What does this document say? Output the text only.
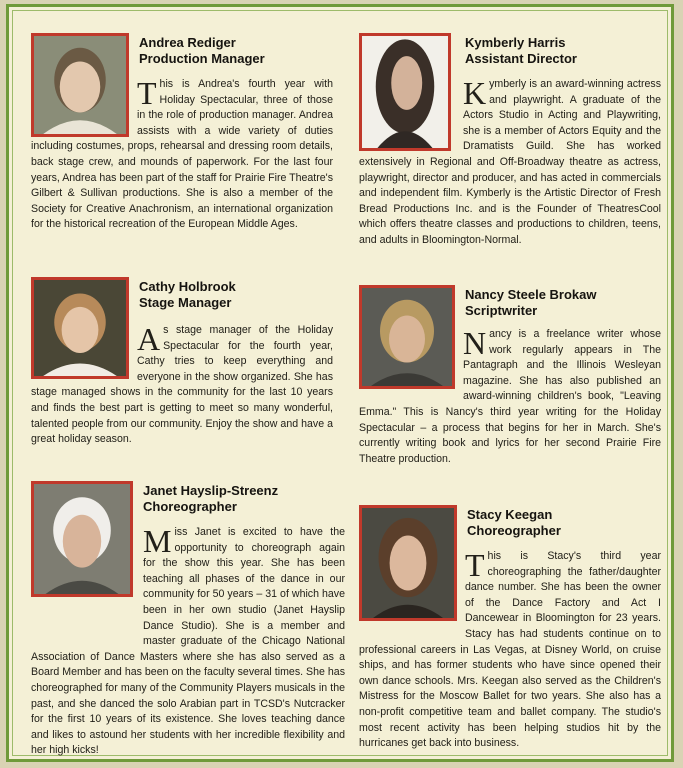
Andrea Rediger
Production Manager
T his is Andrea's fourth year with Holiday Spectacular, three of those in the role of production manager. Andrea assists with a wide variety of duties including costumes, props, rehearsal and dressing room details, back stage crew, and mounds of paperwork. For the last four years, Andrea has been part of the staff for Prairie Fire Theatre's Gilbert & Sullivan productions. She is also a member of the Society for Creative Anachronism, an international organization for the historical recreation of the European Middle Ages.
Kymberly Harris
Assistant Director
K ymberly is an award-winning actress and playwright. A graduate of the Actors Studio in Acting and Playwriting, she is a member of Actors Equity and the Dramatists Guild. She has worked extensively in Regional and Off-Broadway theatre as actress, playwright, director and producer, and has acted in commercials and independent film. Kymberly is the Artistic Director of Fresh Bread Productions Inc. and is the Founder of TheatresCool which offers theatre classes and productions to children, teens, and adults in Bloomington-Normal.
Cathy Holbrook
Stage Manager
A s stage manager of the Holiday Spectacular for the fourth year, Cathy tries to keep everything and everyone in the show organized. She has stage managed shows in the community for the last 10 years and finds the best part is getting to meet so many wonderful, talented people from our community. Enjoy the show and have a great holiday season.
Nancy Steele Brokaw
Scriptwriter
N ancy is a freelance writer whose work regularly appears in The Pantagraph and the Illinois Wesleyan magazine. She has also published an award-winning children's book, "Leaving Emma." This is Nancy's third year writing for the Holiday Spectacular – a process that begins for her in March. She's currently writing book and lyrics for her second Prairie Fire Theatre production.
Janet Hayslip-Streenz
Choreographer
M iss Janet is excited to have the opportunity to choreograph again for the show this year. She has been teaching all phases of the dance in our community for 50 years – 31 of which have been in her own studio (Janet Hayslip Dance Studio). She is a member and master graduate of the Chicago National Association of Dance Masters where she has also served as a Board Member and has been on the faculty several times. She has choreographed for many of the Community Players musicals in the past, and she danced the solo Arabian part in TCSD's Nutcracker for the first 10 years of its existence. She loves teaching dance and likes to astound her students with her incredible flexibility and her high kicks!
Stacy Keegan
Choreographer
T his is Stacy's third year choreographing the father/daughter dance number. She has been the owner of the Dance Factory and Act I Dancewear in Bloomington for 23 years. Stacy has had students continue on to professional careers in Las Vegas, at Disney World, on cruise ships, and has former students who have since opened their own dance schools. Mrs. Keegan also served as the Children's Mistress for the Moscow Ballet for two years. She also has a non-profit competitive team and ballet company. The studio's most recent activity has been helping studios hit by the hurricanes get back into business.
